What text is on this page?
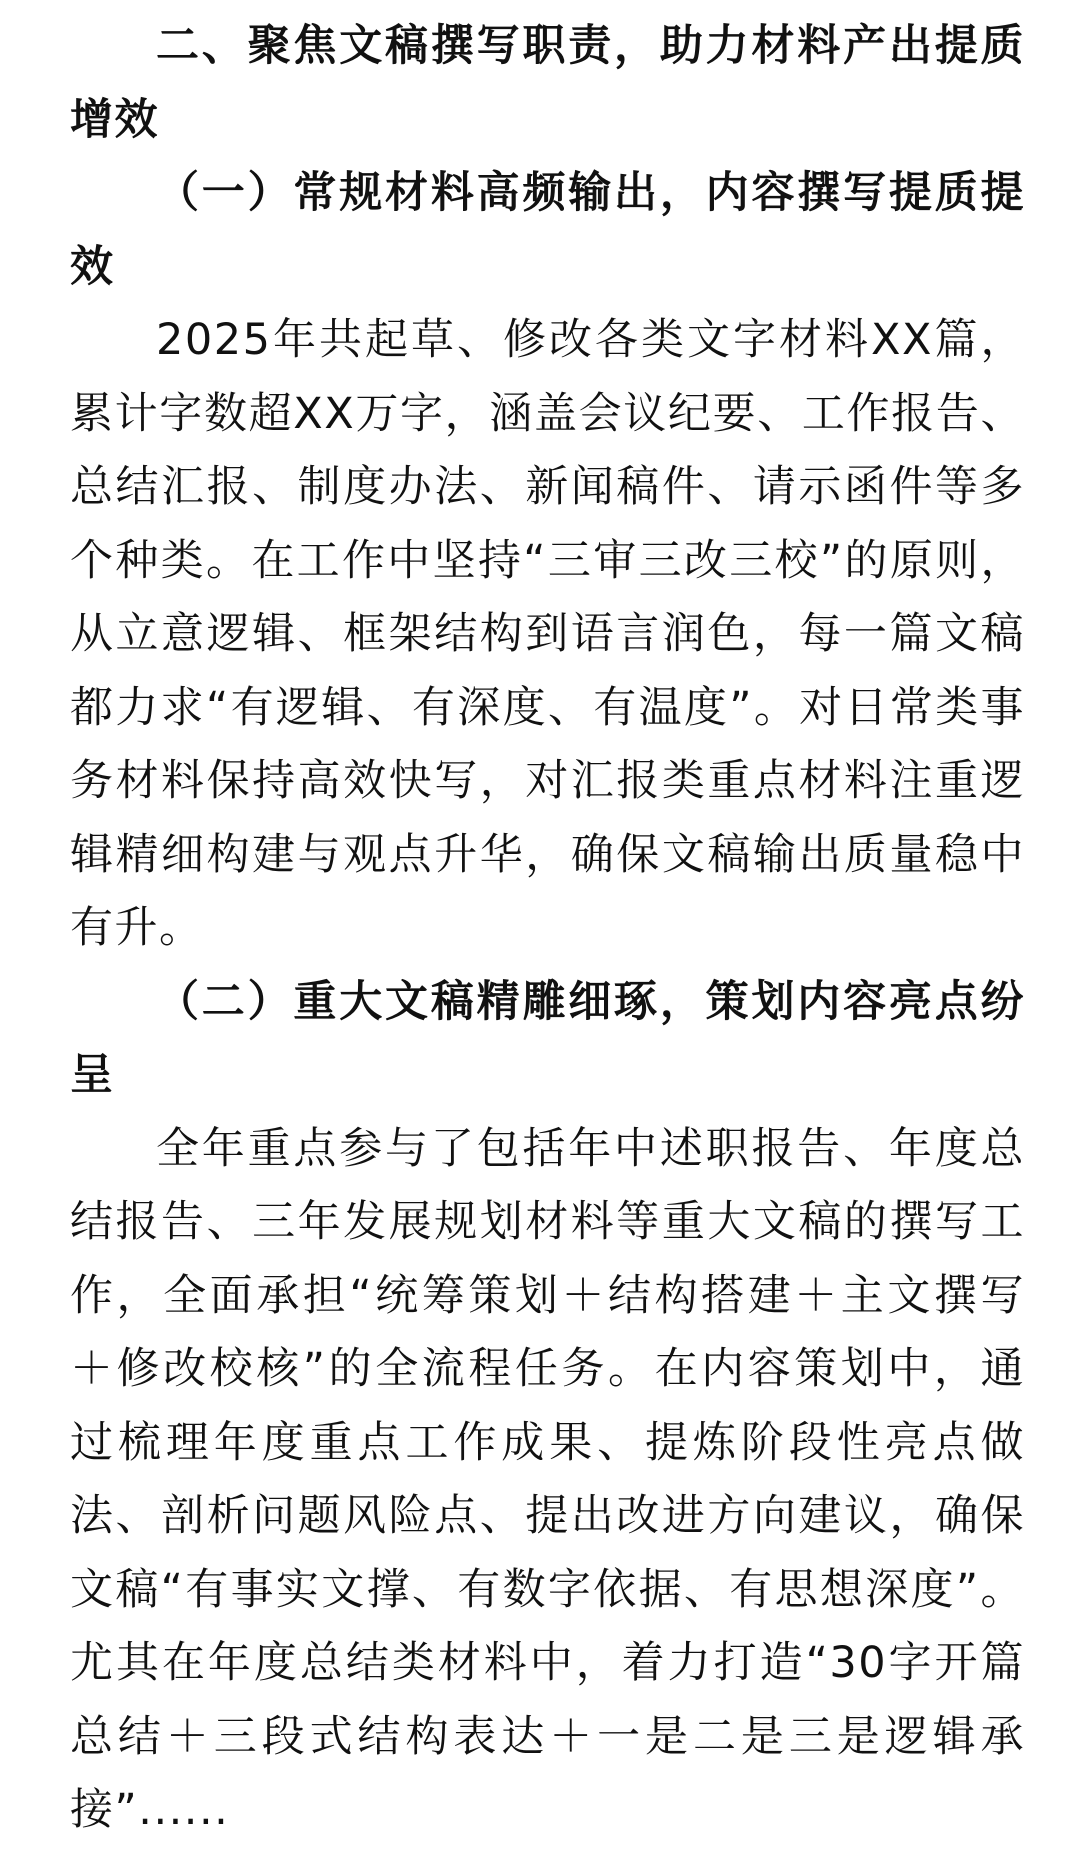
二、聚焦文稿撰写职责，助力材料产出提质增效

（一）常规材料高频输出，内容撰写提质提效

2025年共起草、修改各类文字材料XX篇，累计字数超XX万字，涵盖会议纪要、工作报告、总结汇报、制度办法、新闻稿件、请示函件等多个种类。在工作中坚持“三审三改三校”的原则，从立意逻辑、框架结构到语言润色，每一篇文稿都力求“有逻辑、有深度、有温度”。对日常类事务材料保持高效快写，对汇报类重点材料注重逻辑精细构建与观点升华，确保文稿输出质量稳中有升。

（二）重大文稿精雕细琢，策划内容亮点纷呈

全年重点参与了包括年中述职报告、年度总结报告、三年发展规划材料等重大文稿的撰写工作，全面承担“统筹策划＋结构搭建＋主文撰写＋修改校核”的全流程任务。在内容策划中，通过梳理年度重点工作成果、提炼阶段性亮点做法、剖析问题风险点、提出改进方向建议，确保文稿“有事实文撑、有数字依据、有思想深度”。尤其在年度总结类材料中，着力打造“30字开篇总结＋三段式结构表达＋一是二是三是逻辑承接”......
